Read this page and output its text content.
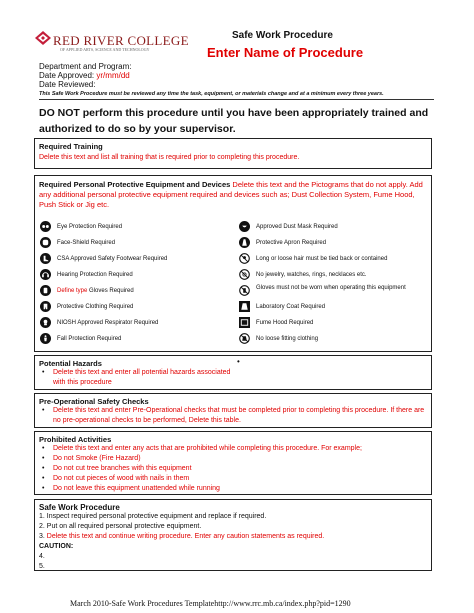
RED RIVER COLLEGE
OF APPLIED ARTS, SCIENCE AND TECHNOLOGY
Safe Work Procedure
Enter Name of Procedure
Department and Program:
Date Approved: yr/mm/dd
Date Reviewed:
This Safe Work Procedure must be reviewed any time the task, equipment, or materials change and at a minimum every three years.
DO NOT perform this procedure until you have been appropriately trained and authorized to do so by your supervisor.
Required Training
Delete this text and list all training that is required prior to completing this procedure.
Required Personal Protective Equipment and Devices Delete this text and the Pictograms that do not apply. Add any additional personal protective equipment required and devices such as; Dust Collection System, Fume Hood, Push Stick or Jig etc.
Eye Protection Required
Face-Shield Required
CSA Approved Safety Footwear Required
Hearing Protection Required
Define type Gloves Required
Protective Clothing Required
NIOSH Approved Respirator Required
Fall Protection Required
Approved Dust Mask Required
Protective Apron Required
Long or loose hair must be tied back or contained
No jewelry, watches, rings, necklaces etc.
Gloves must not be worn when operating this equipment
Laboratory Coat Required
Fume Hood Required
No loose fitting clothing
Potential Hazards
• Delete this text and enter all potential hazards associated with this procedure
•
Pre-Operational Safety Checks
• Delete this text and enter Pre-Operational checks that must be completed prior to completing this procedure. If there are no pre-operational checks to be performed, Delete this table.
Prohibited Activities
• Delete this text and enter any acts that are prohibited while completing this procedure. For example;
• Do not Smoke (Fire Hazard)
• Do not cut tree branches with this equipment
• Do not cut pieces of wood with nails in them
• Do not leave this equipment unattended while running
Safe Work Procedure
1. Inspect required personal protective equipment and replace if required.
2. Put on all required personal protective equipment.
3. Delete this text and continue writing procedure. Enter any caution statements as required.
CAUTION:
4.
5.
March 2010-Safe Work Procedures Templatehttp://www.rrc.mb.ca/index.php?pid=1290
